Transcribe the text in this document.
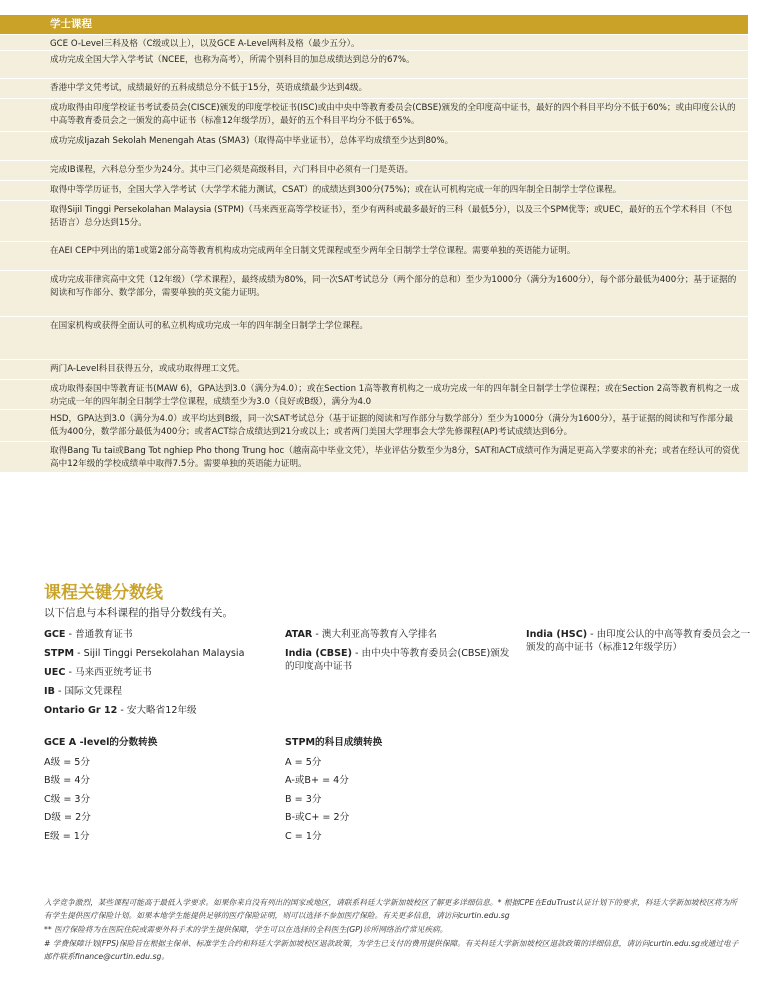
学士课程
GCE O-Level三科及格（C级或以上），以及GCE A-Level两科及格（最少五分）。
成功完成全国大学入学考试（NCEE，也称为高考），所需个别科目的加总成绩达到总分的67%。
香港中学文凭考试，成绩最好的五科成绩总分不低于15分，英语成绩最少达到4级。
成功取得由印度学校证书考试委员会(CISCE)颁发的印度学校证书(ISC)或由中央中等教育委员会(CBSE)颁发的全印度高中证书，最好的四个科目平均分不低于60%；或由印度公认的中高等教育委员会之一颁发的高中证书（标准12年级学历），最好的五个科目平均分不低于65%。
成功完成Ijazah Sekolah Menengah Atas (SMA3)（取得高中毕业证书），总体平均成绩至少达到80%。
完成IB课程，六科总分至少为24分。其中三门必须是高级科目，六门科目中必须有一门是英语。
取得中等学历证书，全国大学入学考试（大学学术能力测试，CSAT）的成绩达到300分(75%)；或在认可机构完成一年的四年制全日制学士学位课程。
取得Sijil Tinggi Persekolahan Malaysia (STPM)（马来西亚高等学校证书），至少有两科或最多最好的三科（最低5分），以及三个SPM优等；或UEC，最好的五个学术科目（不包括语言）总分达到15分。
在AEI CEP中列出的第1或第2部分高等教育机构成功完成两年全日制文凭课程或至少两年全日制学士学位课程。需要单独的英语能力证明。
成功完成菲律宾高中文凭（12年级）（学术课程），最终成绩为80%，同一次SAT考试总分（两个部分的总和）至少为1000分（满分为1600分），每个部分最低为400分；基于证据的阅读和写作部分、数学部分，需要单独的英文能力证明。
在国家机构或获得全面认可的私立机构成功完成一年的四年制全日制学士学位课程。
两门A-Level科目获得五分，或成功取得理工文凭。
成功取得泰国中等教育证书(MAW 6)，GPA达到3.0（满分为4.0）；或在Section 1高等教育机构之一成功完成一年的四年制全日制学士学位课程；或在Section 2高等教育机构之一成功完成一年的四年制全日制学士学位课程，成绩至少为3.0（良好或B级），满分为4.0
HSD，GPA达到3.0（满分为4.0）或平均达到B级，同一次SAT考试总分（基于证据的阅读和写作部分与数学部分）至少为1000分（满分为1600分），基于证据的阅读和写作部分最低为400分，数学部分最低为400分；或者ACT综合成绩达到21分或以上；或者两门美国大学理事会大学先修课程(AP)考试成绩达到6分。
取得Bang Tu tai或Bang Tot nghiep Pho thong Trung hoc（越南高中毕业文凭），毕业评估分数至少为8分，SAT和ACT成绩可作为满足更高入学要求的补充；或者在经认可的资优高中12年级的学校成绩单中取得7.5分。需要单独的英语能力证明。
课程关键分数线
以下信息与本科课程的指导分数线有关。
GCE - 普通教育证书
STPM - Sijil Tinggi Persekolahan Malaysia
UEC - 马来西亚统考证书
IB - 国际文凭课程
Ontario Gr 12 - 安大略省12年级
ATAR - 澳大利亚高等教育入学排名
India (CBSE) - 由中央中等教育委员会(CBSE)颁发的印度高中证书
India (HSC) - 由印度公认的中高等教育委员会之一颁发的高中证书（标准12年级学历）
GCE A -level的分数转换
A级 = 5分
B级 = 4分
C级 = 3分
D级 = 2分
E级 = 1分
STPM的科目成绩转换
A = 5分
A-或B+ = 4分
B = 3分
B-或C+ = 2分
C = 1分

入学竞争激烈，某些课程可能高于最低入学要求。如果你来自没有列出的国家或地区，请联系科廷大学新加坡校区了解更多详细信息。* 根据CPE在EduTrust认证计划下的要求，科廷大学新加坡校区将为所有学生提供医疗保险计划。如果本地学生能提供足够的医疗保险证明，则可以选择不参加医疗保险。有关更多信息，请访问curtin.edu.sg

** 医疗保险将为在医院住院或需要外科手术的学生提供保障，学生可以在选择的全科医生(GP)诊所网络治疗常见疾病。

# 学费保障计划(FPS)保险旨在根据主保单、标准学生合约和科廷大学新加坡校区退款政策，为学生已支付的费用提供保障。有关科廷大学新加坡校区退款政策的详细信息，请访问curtin.edu.sg或通过电子邮件联系finance@curtin.edu.sg。
